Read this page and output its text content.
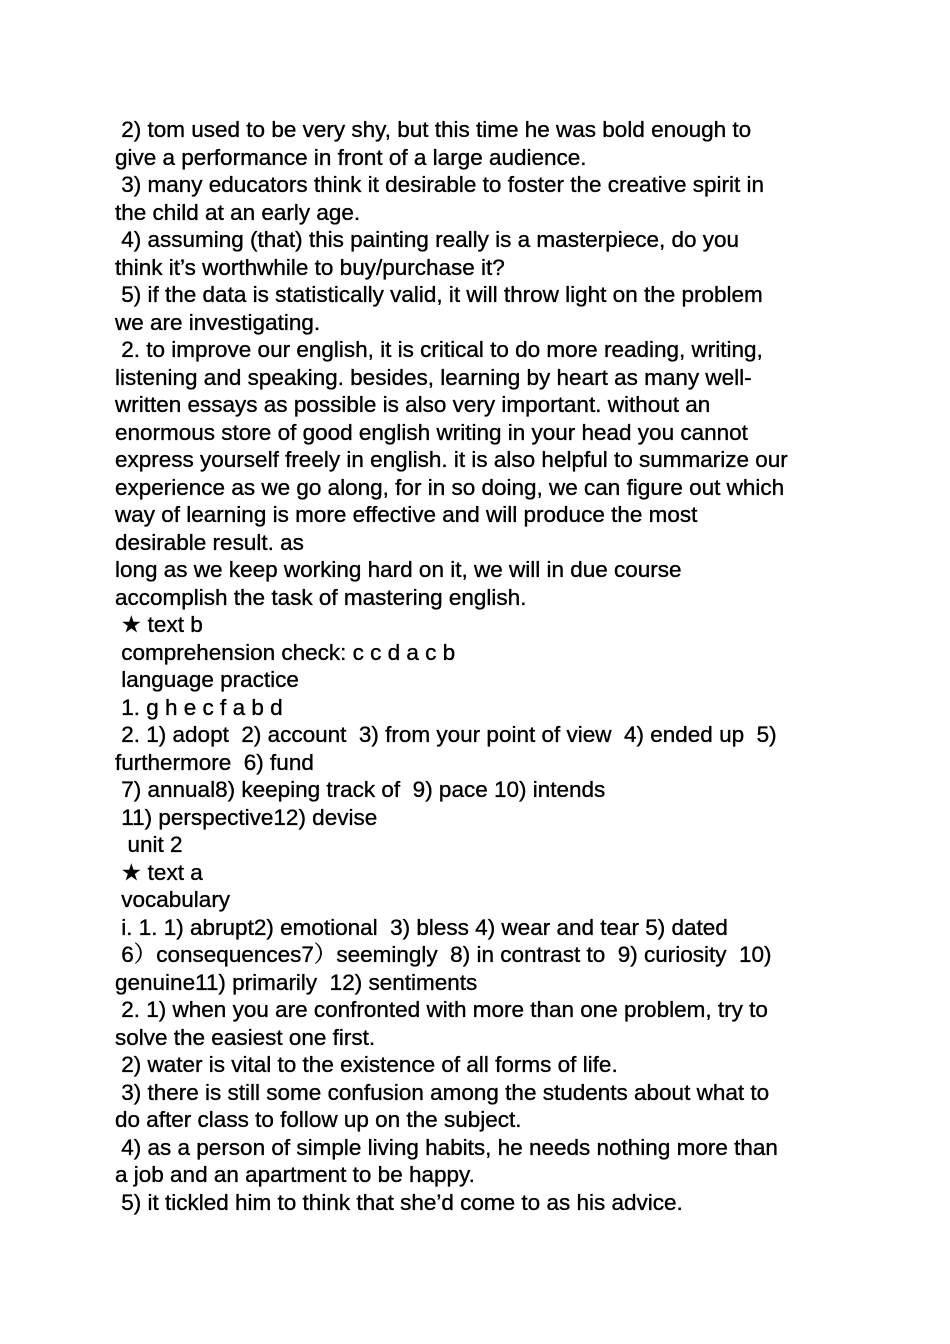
2) tom used to be very shy, but this time he was bold enough to
give a performance in front of a large audience.
3) many educators think it desirable to foster the creative spirit in
the child at an early age.
4) assuming (that) this painting really is a masterpiece, do you
think it’s worthwhile to buy/purchase it?
5) if the data is statistically valid, it will throw light on the problem
we are investigating.
2. to improve our english, it is critical to do more reading, writing,
listening and speaking. besides, learning by heart as many well-
written essays as possible is also very important. without an
enormous store of good english writing in your head you cannot
express yourself freely in english. it is also helpful to summarize our
experience as we go along, for in so doing, we can figure out which
way of learning is more effective and will produce the most
desirable result. as
long as we keep working hard on it, we will in due course
accomplish the task of mastering english.
★ text b
comprehension check: c c d a c b
language practice
1. g h e c f a b d
2. 1) adopt  2) account  3) from your point of view  4) ended up  5)
furthermore  6) fund
7) annual8) keeping track of  9) pace 10) intends
11) perspective12) devise
unit 2
★ text a
vocabulary
i. 1. 1) abrupt2) emotional  3) bless 4) wear and tear 5) dated
6）consequences7）seemingly  8) in contrast to  9) curiosity  10)
genuine11) primarily  12) sentiments
2. 1) when you are confronted with more than one problem, try to
solve the easiest one first.
2) water is vital to the existence of all forms of life.
3) there is still some confusion among the students about what to
do after class to follow up on the subject.
4) as a person of simple living habits, he needs nothing more than
a job and an apartment to be happy.
5) it tickled him to think that she’d come to as his advice.
